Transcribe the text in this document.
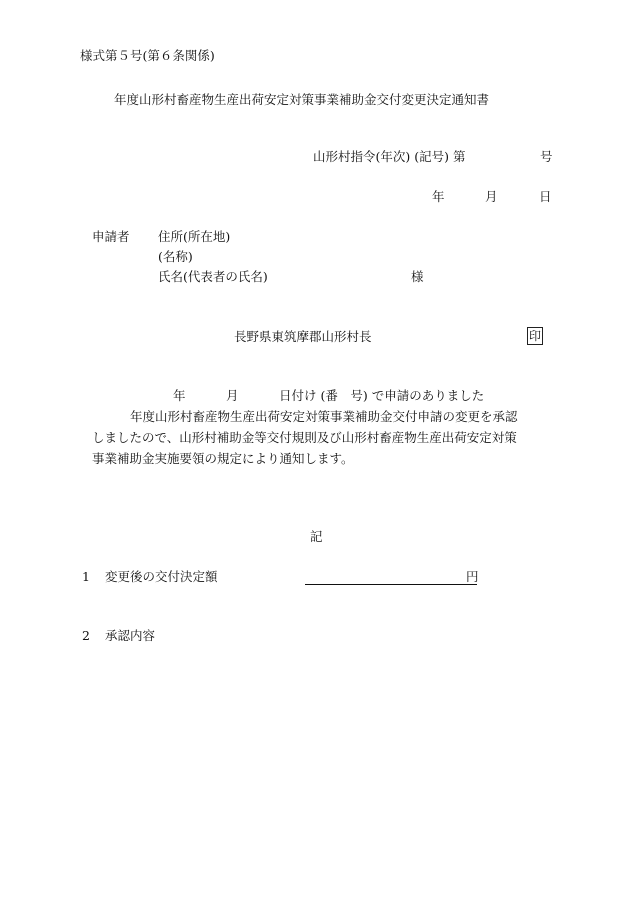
様式第５号(第６条関係)
年度山形村畜産物生産出荷安定対策事業補助金交付変更決定通知書
山形村指令(年次) (記号) 第	号
年	月	日
申請者 住所(所在地)
(名称)
氏名(代表者の氏名)	様
長野県東筑摩郡山形村長	印
年	月	日付け (番　号) で申請のありました
年度山形村畜産物生産出荷安定対策事業補助金交付申請の変更を承認
しましたので、山形村補助金等交付規則及び山形村畜産物生産出荷安定対策
事業補助金実施要領の規定により通知します。
記
1 変更後の交付決定額	円
2 承認内容
